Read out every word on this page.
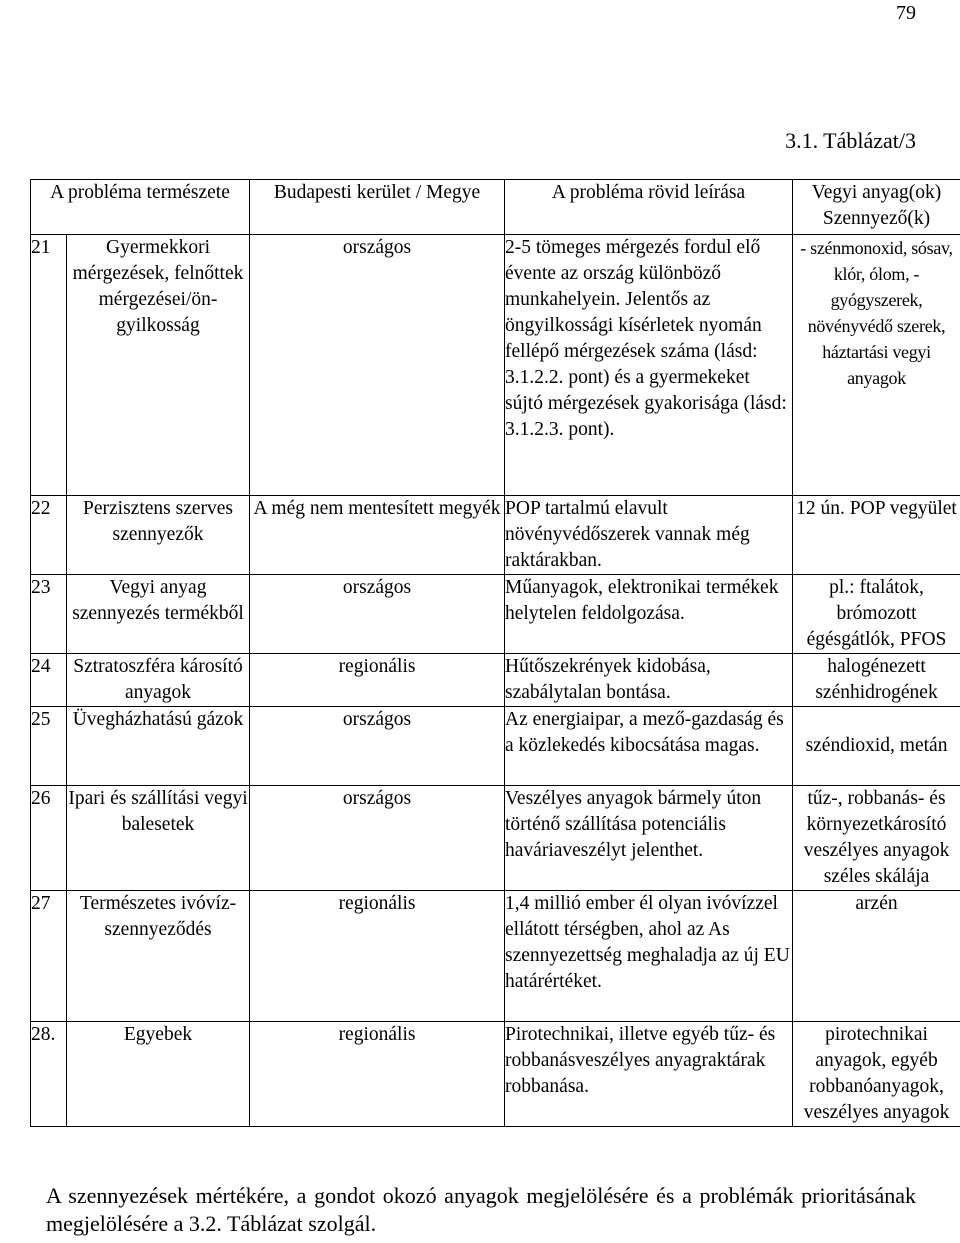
79
3.1. Táblázat/3
A probléma természete		Budapesti kerület / Megye	A probléma rövid leírása	Vegyi anyag(ok) Szennyező(k)
21	Gyermekkori mérgezések, felnőttek mérgezései/ön-gyilkosság	országos	2-5 tömeges mérgezés fordul elő évente az ország különböző munkahelyein. Jelentős az öngyilkossági kísérletek nyomán fellépő mérgezések száma (lásd: 3.1.2.2. pont) és a gyermekeket sújtó mérgezések gyakorisága (lásd: 3.1.2.3. pont).	- szénmonoxid, sósav, klór, ólom, - gyógyszerek, növényvédő szerek, háztartási vegyi anyagok
22	Perzisztens szerves szennyezők	A még nem mentesített megyék	POP tartalmú elavult növényvédőszerek vannak még raktárakban.	12 ún. POP vegyület
23	Vegyi anyag szennyezés termékből	országos	Műanyagok, elektronikai termékek helytelen feldolgozása.	pl.: ftalátok, brómozott égésgátlók, PFOS
24	Sztratoszféra károsító anyagok	regionális	Hűtőszekrények kidobása, szabálytalan bontása.	halogénezett szénhidrogének
25	Üvegházhatású gázok	országos	Az energiaipar, a mező-gazdaság és a közlekedés kibocsátása magas.	széndioxid, metán
26	Ipari és szállítási vegyi balesetek	országos	Veszélyes anyagok bármely úton történő szállítása potenciális haváriaveszélyt jelenthet.	tűz-, robbanás- és környezetkárosító veszélyes anyagok széles skálája
27	Természetes ivóvíz-szennyeződés	regionális	1,4 millió ember él olyan ivóvízzel ellátott térségben, ahol az As szennyezettség meghaladja az új EU határértéket.	arzén
28.	Egyebek	regionális	Pirotechnikai, illetve egyéb tűz- és robbanásveszélyes anyagraktárak robbanása.	pirotechnikai anyagok, egyéb robbanóanyagok, veszélyes anyagok
A szennyezések mértékére, a gondot okozó anyagok megjelölésére és a problémák prioritásának megjelölésére a 3.2. Táblázat szolgál.
